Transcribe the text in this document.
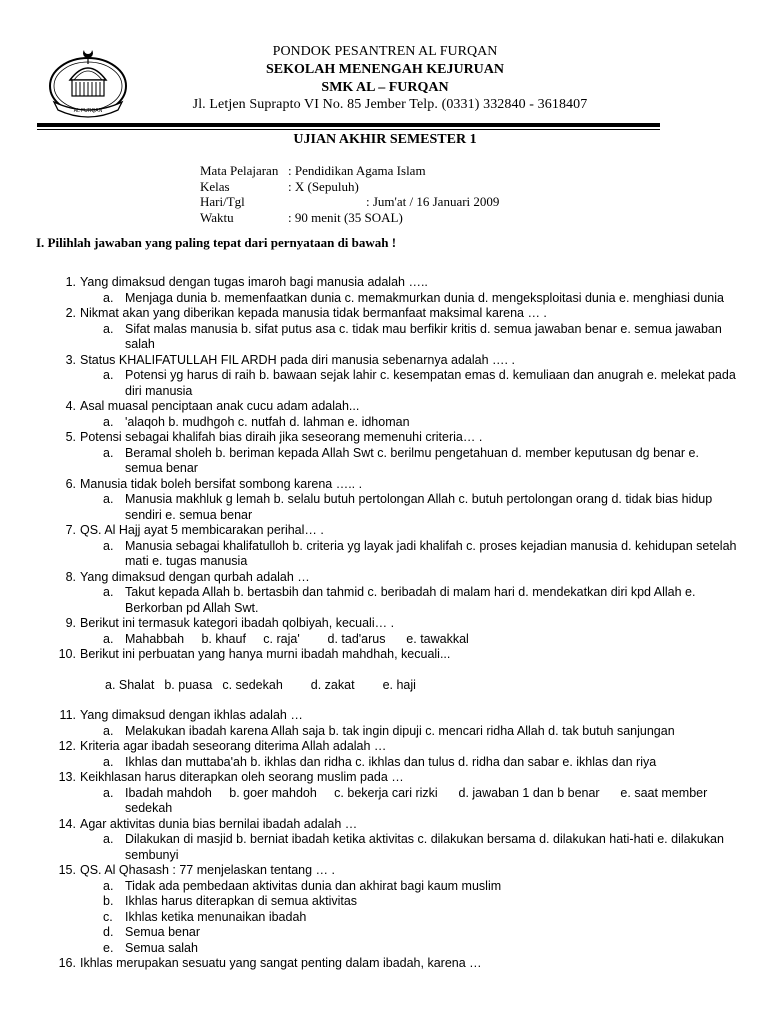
AL FURQAN
PONDOK PESANTREN AL FURQAN
SEKOLAH MENENGAH KEJURUAN
SMK AL – FURQAN
Jl. Letjen Suprapto VI No. 85 Jember Telp. (0331) 332840 - 3618407
UJIAN AKHIR SEMESTER 1
Mata Pelajaran : Pendidikan Agama Islam
Kelas	: X (Sepuluh)
Hari/Tgl	: Jum'at / 16 Januari 2009
Waktu	: 90 menit (35 SOAL)
I. Pilihlah jawaban yang paling tepat dari pernyataan di bawah !
1. Yang dimaksud dengan tugas imaroh bagi manusia adalah …..
a. Menjaga dunia b. memenfaatkan dunia c. memakmurkan dunia d. mengeksploitasi dunia e. menghiasi dunia
2. Nikmat akan yang diberikan kepada manusia tidak bermanfaat maksimal karena … .
a. Sifat malas manusia b. sifat putus asa c. tidak mau berfikir kritis d. semua jawaban benar e. semua jawaban salah
3. Status KHALIFATULLAH FIL ARDH pada diri manusia sebenarnya adalah …. .
a. Potensi yg harus di raih b. bawaan sejak lahir c. kesempatan emas d. kemuliaan dan anugrah e. melekat pada diri manusia
4. Asal muasal penciptaan anak cucu adam adalah...
a. 'alaqoh b. mudhgoh c. nutfah d. lahman e. idhoman
5. Potensi sebagai khalifah bias diraih jika seseorang memenuhi criteria… .
a. Beramal sholeh b. beriman kepada Allah Swt c. berilmu pengetahuan d. member keputusan dg benar e. semua benar
6. Manusia tidak boleh bersifat sombong karena ….. .
a. Manusia makhluk g lemah b. selalu butuh pertolongan Allah c. butuh pertolongan orang d. tidak bias hidup sendiri e. semua benar
7. QS. Al Hajj ayat 5 membicarakan perihal… .
a. Manusia sebagai khalifatulloh b. criteria yg layak jadi khalifah c. proses kejadian manusia d. kehidupan setelah mati e. tugas manusia
8. Yang dimaksud dengan qurbah adalah …
a. Takut kepada Allah b. bertasbih dan tahmid c. beribadah di malam hari d. mendekatkan diri kpd Allah e. Berkorban pd Allah Swt.
9. Berikut ini termasuk kategori ibadah qolbiyah, kecuali… .
a. Mahabbah     b. khauf     c. raja'        d. tad'arus      e. tawakkal
10. Berikut ini perbuatan yang hanya murni ibadah mahdhah, kecuali...
a. Shalat b. puasa c. sedekah d. zakat e. haji
11. Yang dimaksud dengan ikhlas adalah …
a. Melakukan ibadah karena Allah saja b. tak ingin dipuji c. mencari ridha Allah d. tak butuh sanjungan
12. Kriteria agar ibadah seseorang diterima Allah adalah …
a. Ikhlas dan muttaba'ah b. ikhlas dan ridha c. ikhlas dan tulus d. ridha dan sabar e. ikhlas dan riya
13. Keikhlasan harus diterapkan oleh seorang muslim pada …
a. Ibadah mahdoh     b. goer mahdoh     c. bekerja cari rizki      d. jawaban 1 dan b benar      e. saat member sedekah
14. Agar aktivitas dunia bias bernilai ibadah adalah …
a. Dilakukan di masjid b. berniat ibadah ketika aktivitas c. dilakukan bersama d. dilakukan hati-hati e. dilakukan sembunyi
15. QS. Al Qhasash : 77 menjelaskan tentang … .
a. Tidak ada pembedaan aktivitas dunia dan akhirat bagi kaum muslim
b. Ikhlas harus diterapkan di semua aktivitas
c. Ikhlas ketika menunaikan ibadah
d. Semua benar
e. Semua salah
16. Ikhlas merupakan sesuatu yang sangat penting dalam ibadah, karena …
